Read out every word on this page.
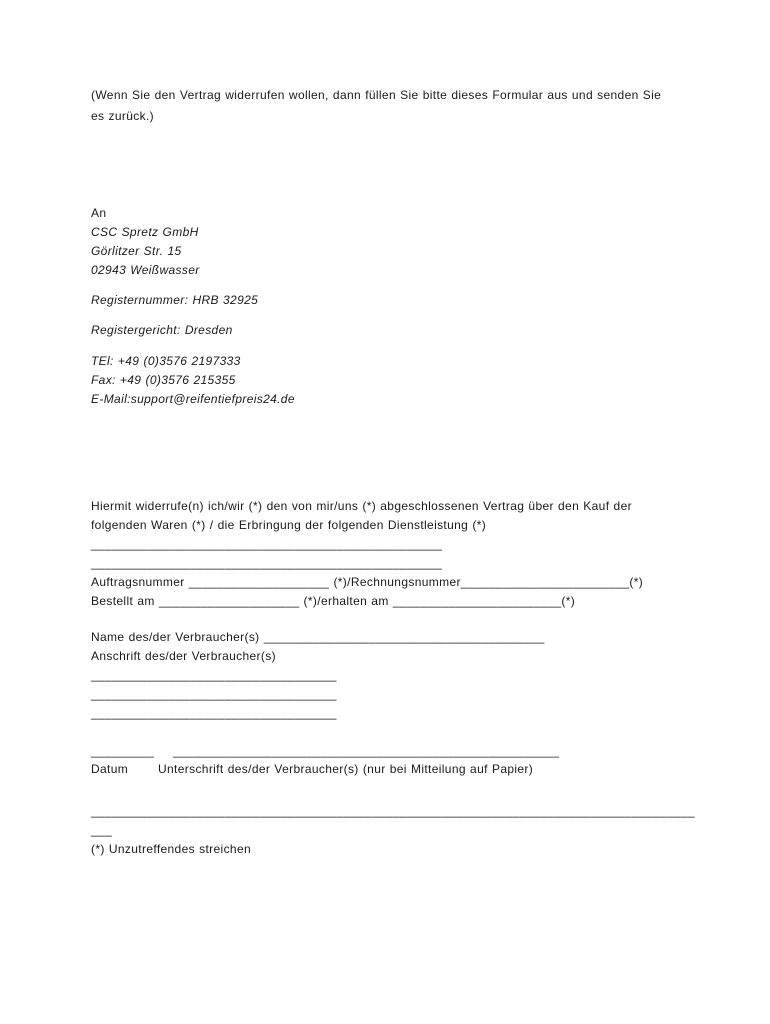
(Wenn Sie den Vertrag widerrufen wollen, dann füllen Sie bitte dieses Formular aus und senden Sie
es zurück.)
An
CSC Spretz GmbH
Görlitzer Str. 15
02943 Weißwasser
Registernummer: HRB 32925
Registergericht: Dresden
TEl: +49 (0)3576 2197333
Fax: +49 (0)3576 215355
E-Mail:support@reifentiefpreis24.de
Hiermit widerrufe(n) ich/wir (*) den von mir/uns (*) abgeschlossenen Vertrag über den Kauf der
folgenden Waren (*) / die Erbringung der folgenden Dienstleistung (*)
__________________________________________________
__________________________________________________
Auftragsnummer ____________________ (*)/Rechnungsnummer________________________(*)
Bestellt am ____________________ (*)/erhalten am ________________________(*)
Name des/der Verbraucher(s) ________________________________________
Anschrift des/der Verbraucher(s)
___________________________________
___________________________________
___________________________________
_________ _______________________________________________________
Datum Unterschrift des/der Verbraucher(s) (nur bei Mitteilung auf Papier)
______________________________________________________________________________________
___
(*) Unzutreffendes streichen
